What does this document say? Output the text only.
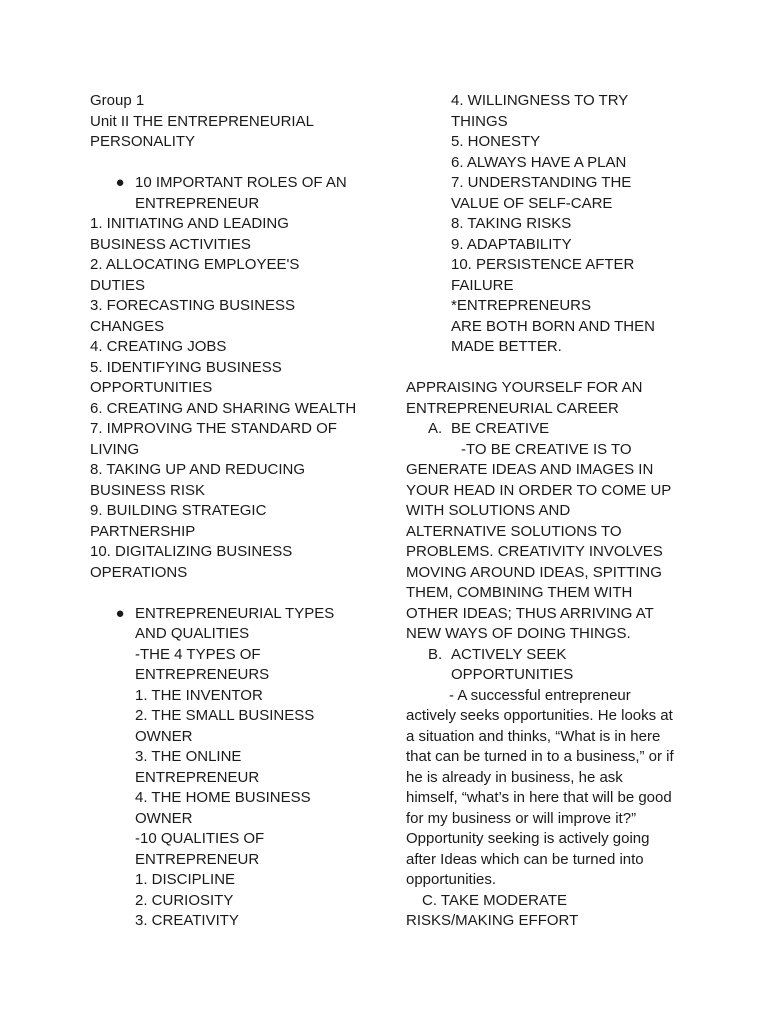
Group 1
Unit II THE ENTREPRENEURIAL
PERSONALITY
● 10 IMPORTANT ROLES OF AN
ENTREPRENEUR
1. INITIATING AND LEADING
BUSINESS ACTIVITIES
2. ALLOCATING EMPLOYEE'S
DUTIES
3. FORECASTING BUSINESS
CHANGES
4. CREATING JOBS
5. IDENTIFYING BUSINESS
OPPORTUNITIES
6. CREATING AND SHARING WEALTH
7. IMPROVING THE STANDARD OF
LIVING
8. TAKING UP AND REDUCING
BUSINESS RISK
9. BUILDING STRATEGIC
PARTNERSHIP
10. DIGITALIZING BUSINESS
OPERATIONS
● ENTREPRENEURIAL TYPES
AND QUALITIES
-THE 4 TYPES OF
ENTREPRENEURS
1. THE INVENTOR
2. THE SMALL BUSINESS
OWNER
3. THE ONLINE
ENTREPRENEUR
4. THE HOME BUSINESS
OWNER
-10 QUALITIES OF
ENTREPRENEUR
1. DISCIPLINE
2. CURIOSITY
3. CREATIVITY
4. WILLINGNESS TO TRY
THINGS
5. HONESTY
6. ALWAYS HAVE A PLAN
7. UNDERSTANDING THE
VALUE OF SELF-CARE
8. TAKING RISKS
9. ADAPTABILITY
10. PERSISTENCE AFTER
FAILURE
*ENTREPRENEURS
ARE BOTH BORN AND THEN
MADE BETTER.
APPRAISING YOURSELF FOR AN
ENTREPRENEURIAL CAREER
A. BE CREATIVE
-TO BE CREATIVE IS TO
GENERATE IDEAS AND IMAGES IN
YOUR HEAD IN ORDER TO COME UP
WITH SOLUTIONS AND
ALTERNATIVE SOLUTIONS TO
PROBLEMS. CREATIVITY INVOLVES
MOVING AROUND IDEAS, SPITTING
THEM, COMBINING THEM WITH
OTHER IDEAS; THUS ARRIVING AT
NEW WAYS OF DOING THINGS.
B. ACTIVELY SEEK
OPPORTUNITIES
- A successful entrepreneur
actively seeks opportunities. He looks at
a situation and thinks, “What is in here
that can be turned in to a business,” or if
he is already in business, he ask
himself, “what’s in here that will be good
for my business or will improve it?”
Opportunity seeking is actively going
after Ideas which can be turned into
opportunities.
C. TAKE MODERATE
RISKS/MAKING EFFORT
